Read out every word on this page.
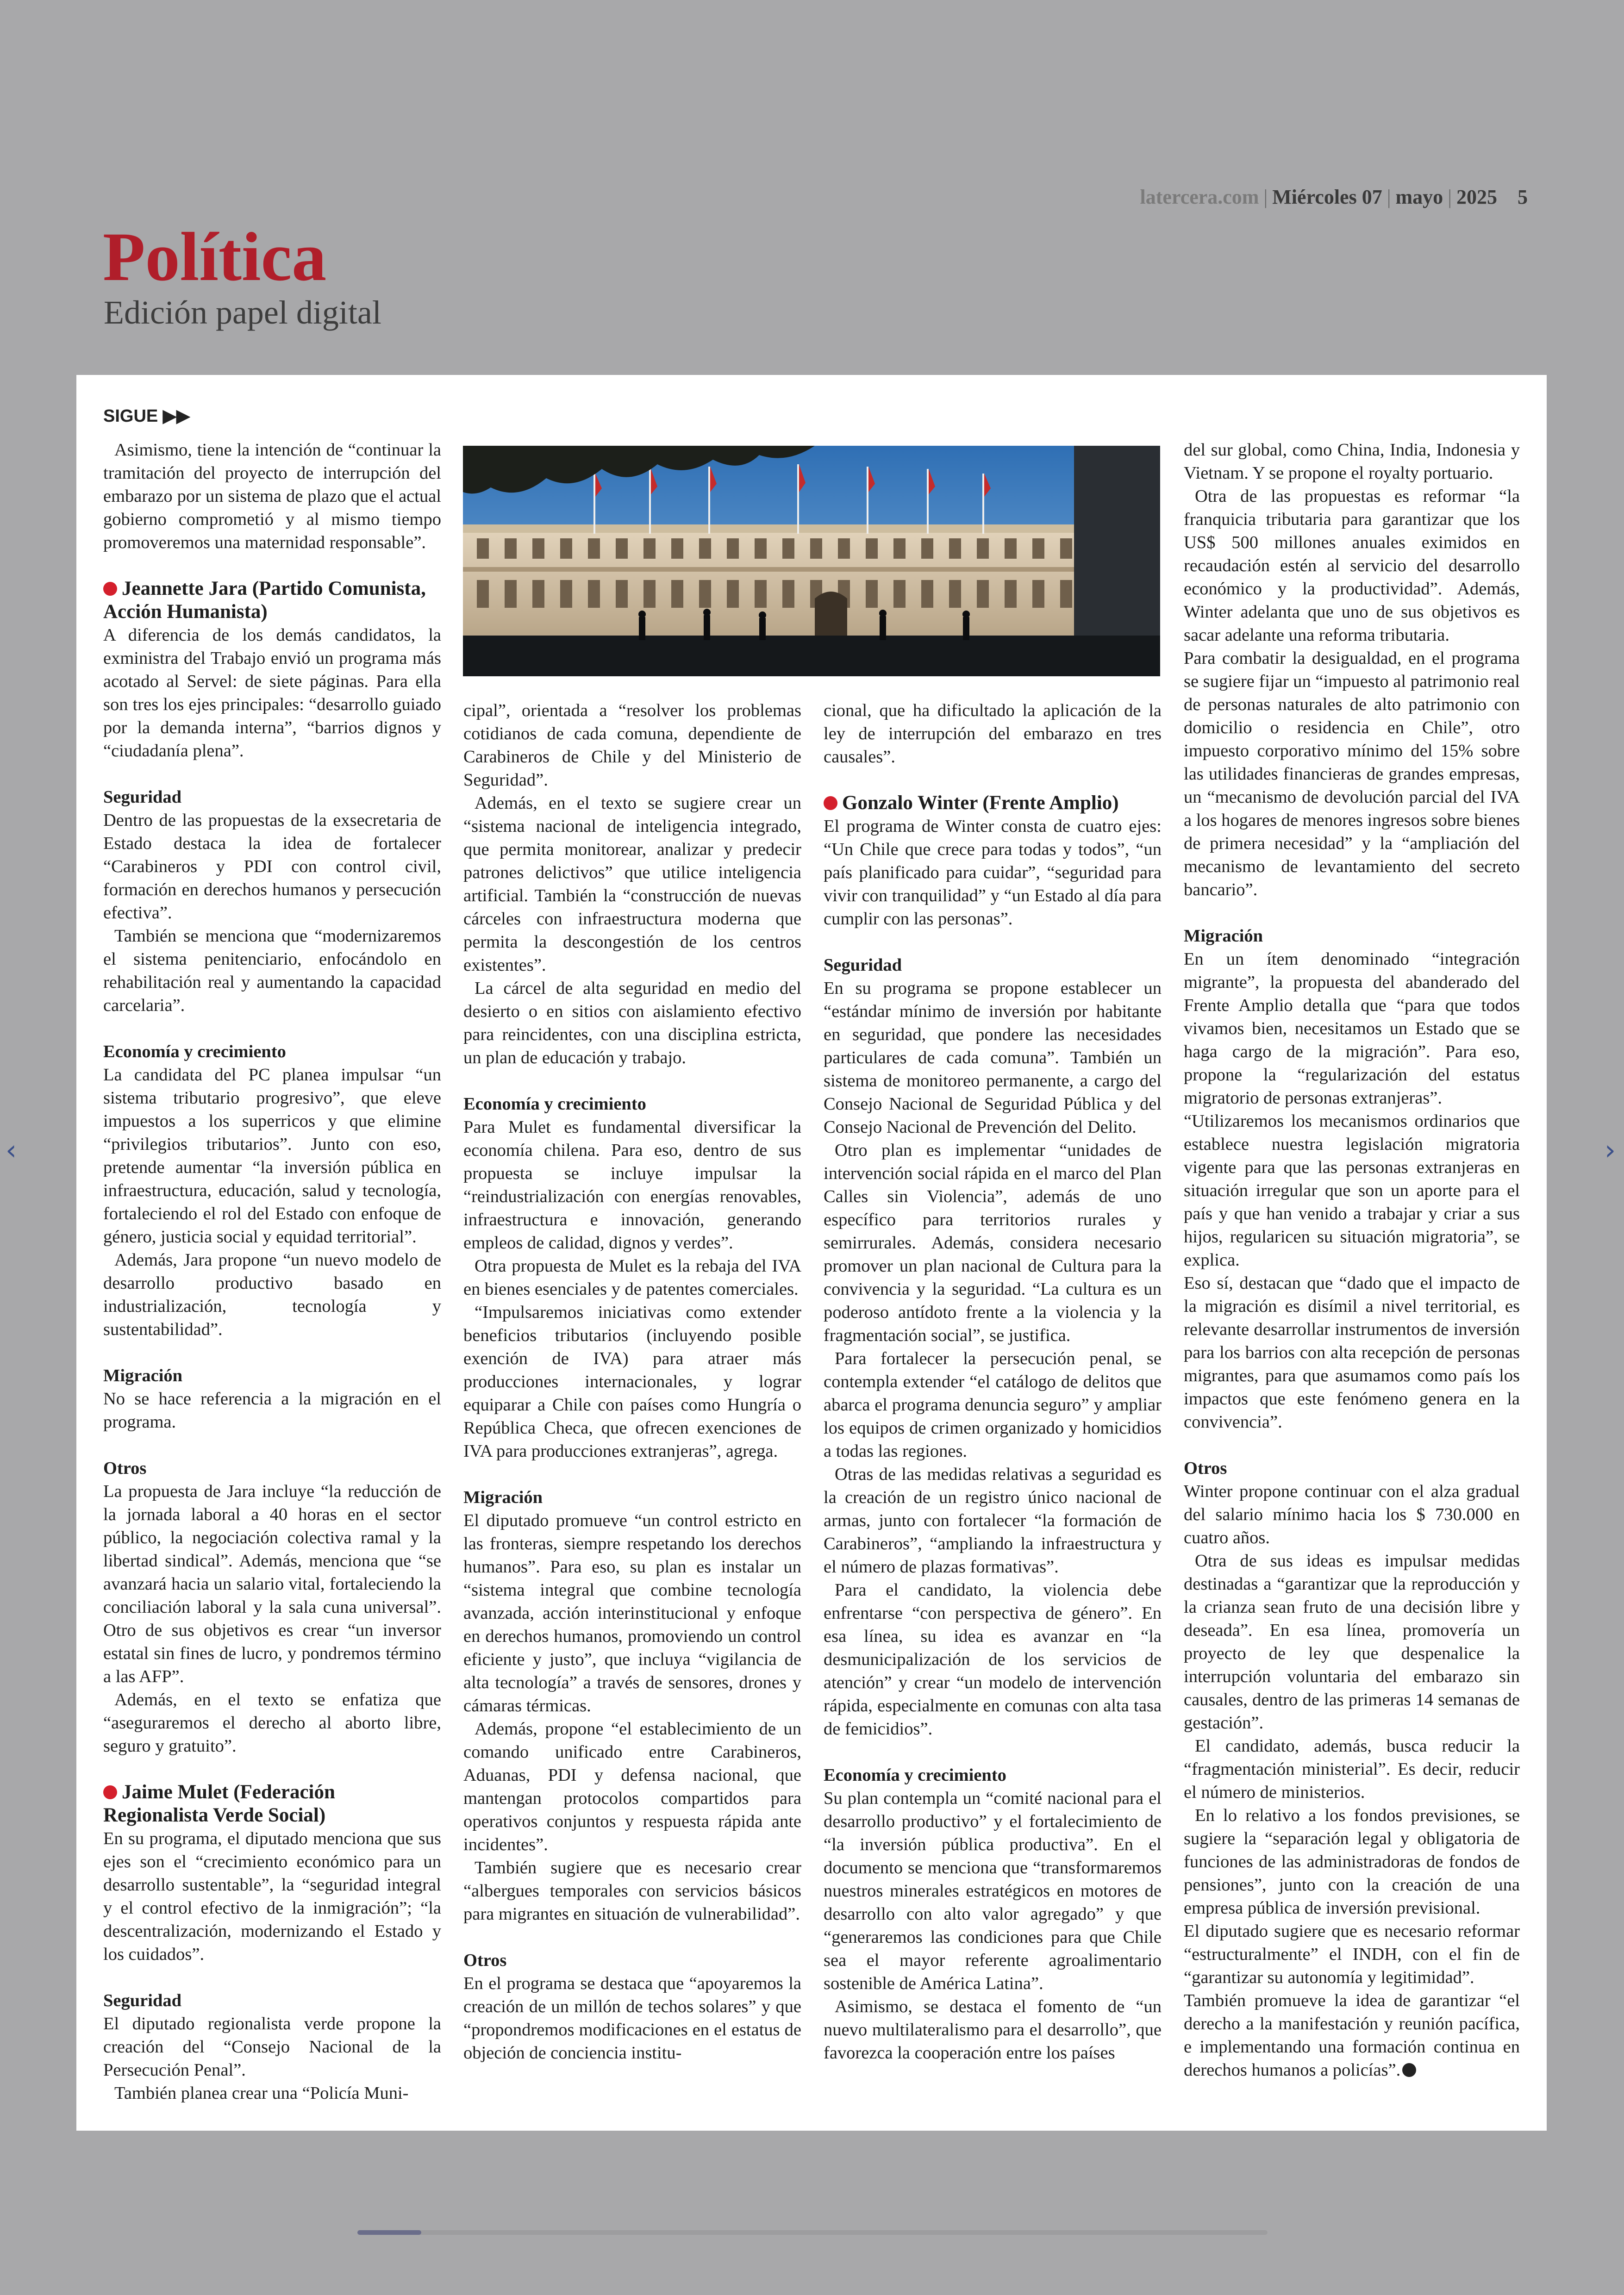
latercera.com | Miércoles 07 | mayo | 2025 5
Política
Edición papel digital
SIGUE ▶▶

Asimismo, tiene la intención de “continuar la tramitación del proyecto de interrupción del embarazo por un sistema de plazo que el actual gobierno comprometió y al mismo tiempo promoveremos una maternidad responsable”.

Jeannette Jara (Partido Comunista, Acción Humanista)

A diferencia de los demás candidatos, la exministra del Trabajo envió un programa más acotado al Servel: de siete páginas. Para ella son tres los ejes principales: “desarrollo guiado por la demanda interna”, “barrios dignos y “ciudadanía plena”.

Seguridad

Dentro de las propuestas de la exsecretaria de Estado destaca la idea de fortalecer “Carabineros y PDI con control civil, formación en derechos humanos y persecución efectiva”.

También se menciona que “modernizaremos el sistema penitenciario, enfocándolo en rehabilitación real y aumentando la capacidad carcelaria”.

Economía y crecimiento

La candidata del PC planea impulsar “un sistema tributario progresivo”, que eleve impuestos a los superricos y que elimine “privilegios tributarios”. Junto con eso, pretende aumentar “la inversión pública en infraestructura, educación, salud y tecnología, fortaleciendo el rol del Estado con enfoque de género, justicia social y equidad territorial”.

Además, Jara propone “un nuevo modelo de desarrollo productivo basado en industrialización, tecnología y sustentabilidad”.

Migración

No se hace referencia a la migración en el programa.

Otros

La propuesta de Jara incluye “la reducción de la jornada laboral a 40 horas en el sector público, la negociación colectiva ramal y la libertad sindical”. Además, menciona que “se avanzará hacia un salario vital, fortaleciendo la conciliación laboral y la sala cuna universal”. Otro de sus objetivos es crear “un inversor estatal sin fines de lucro, y pondremos término a las AFP”.

Además, en el texto se enfatiza que “aseguraremos el derecho al aborto libre, seguro y gratuito”.

Jaime Mulet (Federación Regionalista Verde Social)

En su programa, el diputado menciona que sus ejes son el “crecimiento económico para un desarrollo sustentable”, la “seguridad integral y el control efectivo de la inmigración”; “la descentralización, modernizando el Estado y los cuidados”.

Seguridad

El diputado regionalista verde propone la creación del “Consejo Nacional de la Persecución Penal”.

También planea crear una “Policía Muni-

cipal”, orientada a “resolver los problemas cotidianos de cada comuna, dependiente de Carabineros de Chile y del Ministerio de Seguridad”.

Además, en el texto se sugiere crear un “sistema nacional de inteligencia integrado, que permita monitorear, analizar y predecir patrones delictivos” que utilice inteligencia artificial. También la “construcción de nuevas cárceles con infraestructura moderna que permita la descongestión de los centros existentes”.

La cárcel de alta seguridad en medio del desierto o en sitios con aislamiento efectivo para reincidentes, con una disciplina estricta, un plan de educación y trabajo.

Economía y crecimiento

Para Mulet es fundamental diversificar la economía chilena. Para eso, dentro de sus propuesta se incluye impulsar la “reindustrialización con energías renovables, infraestructura e innovación, generando empleos de calidad, dignos y verdes”.

Otra propuesta de Mulet es la rebaja del IVA en bienes esenciales y de patentes comerciales.

“Impulsaremos iniciativas como extender beneficios tributarios (incluyendo posible exención de IVA) para atraer más producciones internacionales, y lograr equiparar a Chile con países como Hungría o República Checa, que ofrecen exenciones de IVA para producciones extranjeras”, agrega.

Migración

El diputado promueve “un control estricto en las fronteras, siempre respetando los derechos humanos”. Para eso, su plan es instalar un “sistema integral que combine tecnología avanzada, acción interinstitucional y enfoque en derechos humanos, promoviendo un control eficiente y justo”, que incluya “vigilancia de alta tecnología” a través de sensores, drones y cámaras térmicas.

Además, propone “el establecimiento de un comando unificado entre Carabineros, Aduanas, PDI y defensa nacional, que mantengan protocolos compartidos para operativos conjuntos y respuesta rápida ante incidentes”.

También sugiere que es necesario crear “albergues temporales con servicios básicos para migrantes en situación de vulnerabilidad”.

Otros

En el programa se destaca que “apoyaremos la creación de un millón de techos solares” y que “propondremos modificaciones en el estatus de objeción de conciencia institu-

cional, que ha dificultado la aplicación de la ley de interrupción del embarazo en tres causales”.

Gonzalo Winter (Frente Amplio)

El programa de Winter consta de cuatro ejes: “Un Chile que crece para todas y todos”, “un país planificado para cuidar”, “seguridad para vivir con tranquilidad” y “un Estado al día para cumplir con las personas”.

Seguridad

En su programa se propone establecer un “estándar mínimo de inversión por habitante en seguridad, que pondere las necesidades particulares de cada comuna”. También un sistema de monitoreo permanente, a cargo del Consejo Nacional de Seguridad Pública y del Consejo Nacional de Prevención del Delito.

Otro plan es implementar “unidades de intervención social rápida en el marco del Plan Calles sin Violencia”, además de uno específico para territorios rurales y semirrurales. Además, considera necesario promover un plan nacional de Cultura para la convivencia y la seguridad. “La cultura es un poderoso antídoto frente a la violencia y la fragmentación social”, se justifica.

Para fortalecer la persecución penal, se contempla extender “el catálogo de delitos que abarca el programa denuncia seguro” y ampliar los equipos de crimen organizado y homicidios a todas las regiones.

Otras de las medidas relativas a seguridad es la creación de un registro único nacional de armas, junto con fortalecer “la formación de Carabineros”, “ampliando la infraestructura y el número de plazas formativas”.

Para el candidato, la violencia debe enfrentarse “con perspectiva de género”. En esa línea, su idea es avanzar en “la desmunicipalización de los servicios de atención” y crear “un modelo de intervención rápida, especialmente en comunas con alta tasa de femicidios”.

Economía y crecimiento

Su plan contempla un “comité nacional para el desarrollo productivo” y el fortalecimiento de “la inversión pública productiva”. En el documento se menciona que “transformaremos nuestros minerales estratégicos en motores de desarrollo con alto valor agregado” y que “generaremos las condiciones para que Chile sea el mayor referente agroalimentario sostenible de América Latina”.

Asimismo, se destaca el fomento de “un nuevo multilateralismo para el desarrollo”, que favorezca la cooperación entre los países

del sur global, como China, India, Indonesia y Vietnam. Y se propone el royalty portuario.

Otra de las propuestas es reformar “la franquicia tributaria para garantizar que los US$ 500 millones anuales eximidos en recaudación estén al servicio del desarrollo económico y la productividad”. Además, Winter adelanta que uno de sus objetivos es sacar adelante una reforma tributaria.

Para combatir la desigualdad, en el programa se sugiere fijar un “impuesto al patrimonio real de personas naturales de alto patrimonio con domicilio o residencia en Chile”, otro impuesto corporativo mínimo del 15% sobre las utilidades financieras de grandes empresas, un “mecanismo de devolución parcial del IVA a los hogares de menores ingresos sobre bienes de primera necesidad” y la “ampliación del mecanismo de levantamiento del secreto bancario”.

Migración

En un ítem denominado “integración migrante”, la propuesta del abanderado del Frente Amplio detalla que “para que todos vivamos bien, necesitamos un Estado que se haga cargo de la migración”. Para eso, propone la “regularización del estatus migratorio de personas extranjeras”.

“Utilizaremos los mecanismos ordinarios que establece nuestra legislación migratoria vigente para que las personas extranjeras en situación irregular que son un aporte para el país y que han venido a trabajar y criar a sus hijos, regularicen su situación migratoria”, se explica.

Eso sí, destacan que “dado que el impacto de la migración es disímil a nivel territorial, es relevante desarrollar instrumentos de inversión para los barrios con alta recepción de personas migrantes, para que asumamos como país los impactos que este fenómeno genera en la convivencia”.

Otros

Winter propone continuar con el alza gradual del salario mínimo hacia los $ 730.000 en cuatro años.

Otra de sus ideas es impulsar medidas destinadas a “garantizar que la reproducción y la crianza sean fruto de una decisión libre y deseada”. En esa línea, promovería un proyecto de ley que despenalice la interrupción voluntaria del embarazo sin causales, dentro de las primeras 14 semanas de gestación”.

El candidato, además, busca reducir la “fragmentación ministerial”. Es decir, reducir el número de ministerios.

En lo relativo a los fondos previsiones, se sugiere la “separación legal y obligatoria de funciones de las administradoras de fondos de pensiones”, junto con la creación de una empresa pública de inversión previsional.

El diputado sugiere que es necesario reformar “estructuralmente” el INDH, con el fin de “garantizar su autonomía y legitimidad”.

También promueve la idea de garantizar “el derecho a la manifestación y reunión pacífica, e implementando una formación continua en derechos humanos a policías”.

‹	›
